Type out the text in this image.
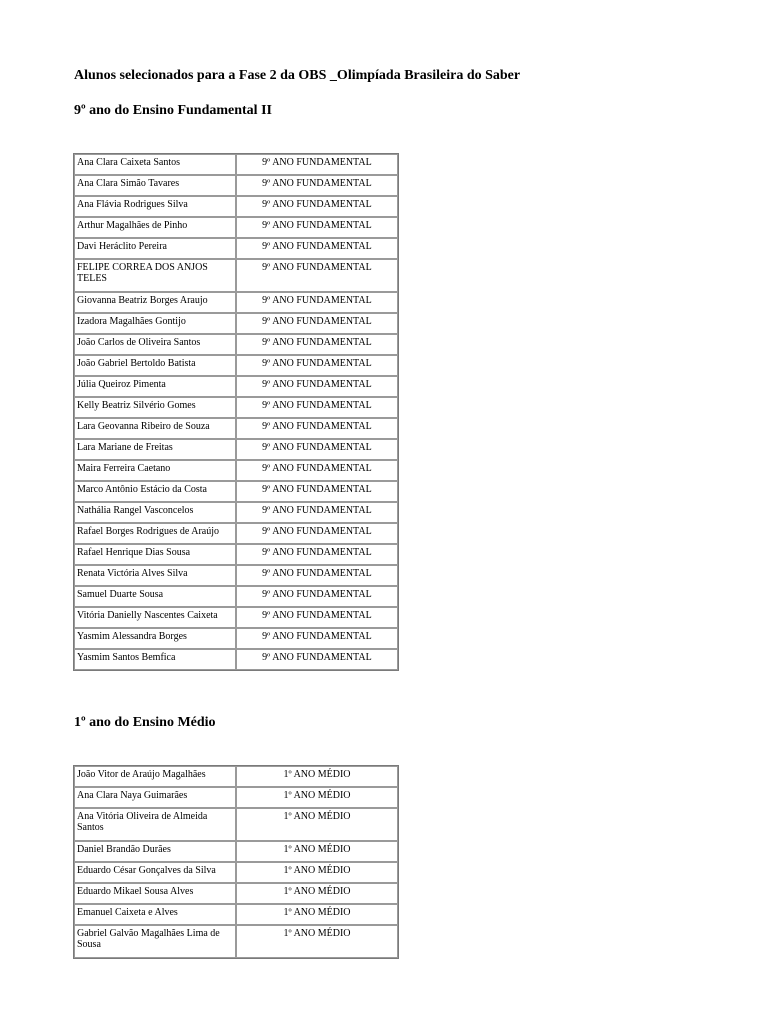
Alunos selecionados para a Fase 2 da OBS _Olimpíada Brasileira do Saber
9º ano do Ensino Fundamental II
Ana Clara Caixeta Santos	9º ANO FUNDAMENTAL
Ana Clara Simão Tavares	9º ANO FUNDAMENTAL
Ana Flávia Rodrigues Silva	9º ANO FUNDAMENTAL
Arthur Magalhães de Pinho	9º ANO FUNDAMENTAL
Davi Heráclito Pereira	9º ANO FUNDAMENTAL
FELIPE CORREA DOS ANJOS TELES	9º ANO FUNDAMENTAL
Giovanna Beatriz Borges Araujo	9º ANO FUNDAMENTAL
Izadora Magalhães Gontijo	9º ANO FUNDAMENTAL
João Carlos de Oliveira Santos	9º ANO FUNDAMENTAL
João Gabriel Bertoldo Batista	9º ANO FUNDAMENTAL
Júlia Queiroz Pimenta	9º ANO FUNDAMENTAL
Kelly Beatriz Silvério Gomes	9º ANO FUNDAMENTAL
Lara Geovanna Ribeiro de Souza	9º ANO FUNDAMENTAL
Lara Mariane de Freitas	9º ANO FUNDAMENTAL
Maira Ferreira Caetano	9º ANO FUNDAMENTAL
Marco Antônio Estácio da Costa	9º ANO FUNDAMENTAL
Nathália Rangel Vasconcelos	9º ANO FUNDAMENTAL
Rafael Borges Rodrigues de Araújo	9º ANO FUNDAMENTAL
Rafael Henrique Dias Sousa	9º ANO FUNDAMENTAL
Renata Victória Alves Silva	9º ANO FUNDAMENTAL
Samuel Duarte Sousa	9º ANO FUNDAMENTAL
Vitória Danielly Nascentes Caixeta	9º ANO FUNDAMENTAL
Yasmim Alessandra Borges	9º ANO FUNDAMENTAL
Yasmim Santos Bemfica	9º ANO FUNDAMENTAL
1º ano do Ensino Médio
João Vitor de Araújo Magalhães	1º ANO MÉDIO
Ana Clara Naya Guimarães	1º ANO MÉDIO
Ana Vitória Oliveira de Almeida Santos	1º ANO MÉDIO
Daniel Brandão Durães	1º ANO MÉDIO
Eduardo César Gonçalves da Silva	1º ANO MÉDIO
Eduardo Mikael Sousa Alves	1º ANO MÉDIO
Emanuel Caixeta e Alves	1º ANO MÉDIO
Gabriel Galvão Magalhães Lima de Sousa	1º ANO MÉDIO
